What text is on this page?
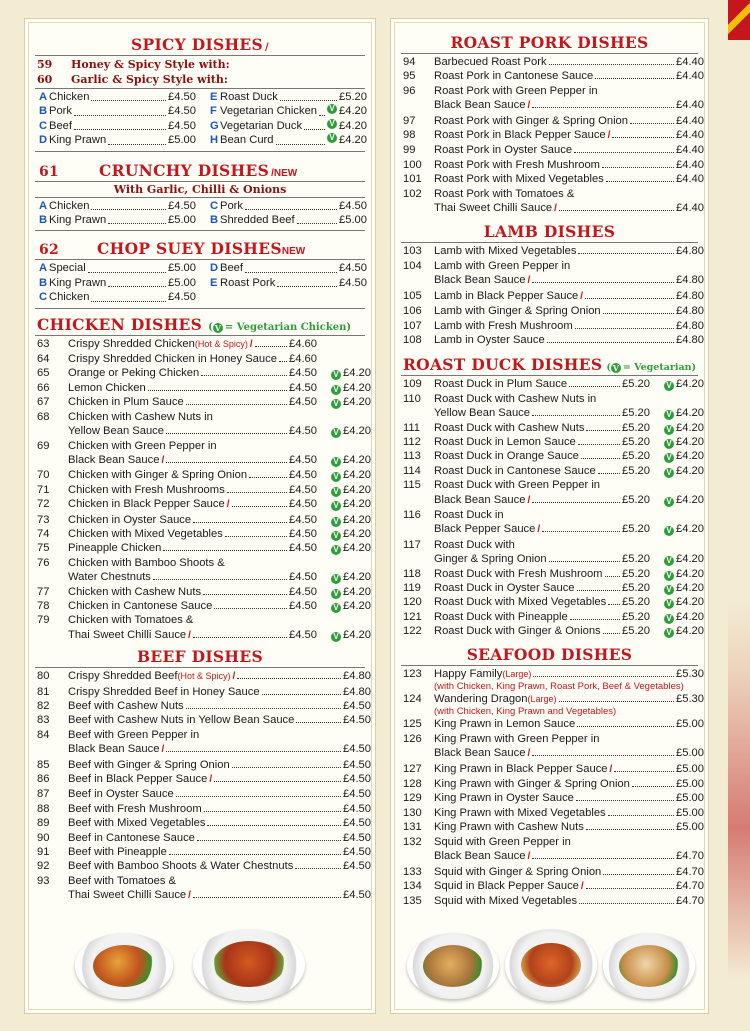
SPICY DISHES /
59 Honey & Spicy Style with:
60 Garlic & Spicy Style with:
A Chicken	£4.50
B Pork	£4.50
C Beef	£4.50
D King Prawn	£5.00
E Roast Duck	£5.20
F Vegetarian Chicken V £4.20
G Vegetarian Duck	V £4.20
H Bean Curd	V £4.20
61	CRUNCHY DISHES / NEW
With Garlic, Chilli & Onions
A Chicken	£4.50
B King Prawn	£5.00
C Pork	£4.50
B Shredded Beef	£5.00
62	CHOP SUEY DISHES NEW
A Special	£5.00
B King Prawn	£5.00
C Chicken	£4.50
D Beef	£4.50
E Roast Pork	£4.50
CHICKEN DISHES ( V = Vegetarian Chicken)
63	Crispy Shredded Chicken (Hot & Spicy) /	£4.60
64	Crispy Shredded Chicken in Honey Sauce £4.60
65	Orange or Peking Chicken	£4.50	V £4.20
66	Lemon Chicken	£4.50	V £4.20
67	Chicken in Plum Sauce	£4.50	V £4.20
68	Chicken with Cashew Nuts in
Yellow Bean Sauce	£4.50	V £4.20
69	Chicken with Green Pepper in
Black Bean Sauce /	£4.50	V £4.20
70	Chicken with Ginger & Spring Onion	£4.50	V £4.20
71	Chicken with Fresh Mushrooms	£4.50	V £4.20
72	Chicken in Black Pepper Sauce /	£4.50	V £4.20
73	Chicken in Oyster Sauce	£4.50	V £4.20
74	Chicken with Mixed Vegetables	£4.50	V £4.20
75	Pineapple Chicken	£4.50	V £4.20
76	Chicken with Bamboo Shoots &
Water Chestnuts	£4.50	V £4.20
77	Chicken with Cashew Nuts	£4.50	V £4.20
78	Chicken in Cantonese Sauce	£4.50	V £4.20
79	Chicken with Tomatoes &
Thai Sweet Chilli Sauce /	£4.50	V £4.20
BEEF DISHES
80	Crispy Shredded Beef (Hot & Spicy) /	£4.80
81	Crispy Shredded Beef in Honey Sauce	£4.80
82	Beef with Cashew Nuts	£4.50
83	Beef with Cashew Nuts in Yellow Bean Sauce	£4.50
84	Beef with Green Pepper in
Black Bean Sauce /	£4.50
85	Beef with Ginger & Spring Onion	£4.50
86	Beef in Black Pepper Sauce /	£4.50
87	Beef in Oyster Sauce	£4.50
88	Beef with Fresh Mushroom	£4.50
89	Beef with Mixed Vegetables	£4.50
90	Beef in Cantonese Sauce	£4.50
91	Beef with Pineapple	£4.50
92	Beef with Bamboo Shoots & Water Chestnuts	£4.50
93	Beef with Tomatoes &
Thai Sweet Chilli Sauce /	£4.50
ROAST PORK DISHES
94	Barbecued Roast Pork	£4.40
95	Roast Pork in Cantonese Sauce	£4.40
96	Roast Pork with Green Pepper in
Black Bean Sauce /	£4.40
97	Roast Pork with Ginger & Spring Onion	£4.40
98	Roast Pork in Black Pepper Sauce /	£4.40
99	Roast Pork in Oyster Sauce	£4.40
100	Roast Pork with Fresh Mushroom	£4.40
101	Roast Pork with Mixed Vegetables	£4.40
102	Roast Pork with Tomatoes &
Thai Sweet Chilli Sauce /	£4.40
LAMB DISHES
103	Lamb with Mixed Vegetables	£4.80
104	Lamb with Green Pepper in
Black Bean Sauce /	£4.80
105	Lamb in Black Pepper Sauce /	£4.80
106	Lamb with Ginger & Spring Onion	£4.80
107	Lamb with Fresh Mushroom	£4.80
108	Lamb in Oyster Sauce	£4.80
ROAST DUCK DISHES ( V = Vegetarian)
109	Roast Duck in Plum Sauce	£5.20	V £4.20
110	Roast Duck with Cashew Nuts in
Yellow Bean Sauce	£5.20	V £4.20
111	Roast Duck with Cashew Nuts	£5.20	V £4.20
112	Roast Duck in Lemon Sauce	£5.20	V £4.20
113	Roast Duck in Orange Sauce	£5.20	V £4.20
114	Roast Duck in Cantonese Sauce £5.20	V £4.20
115	Roast Duck with Green Pepper in
Black Bean Sauce /	£5.20	V £4.20
116	Roast Duck in
Black Pepper Sauce /	£5.20	V £4.20
117	Roast Duck with
Ginger & Spring Onion	£5.20	V £4.20
118	Roast Duck with Fresh Mushroom £5.20	V £4.20
119	Roast Duck in Oyster Sauce	£5.20	V £4.20
120	Roast Duck with Mixed Vegetables £5.20	V £4.20
121	Roast Duck with Pineapple	£5.20	V £4.20
122	Roast Duck with Ginger & Onions £5.20	V £4.20
SEAFOOD DISHES
123	Happy Family (Large)	£5.30
(with Chicken, King Prawn, Roast Pork, Beef & Vegetables)
124	Wandering Dragon (Large)	£5.30
(with Chicken, King Prawn and Vegetables)
125	King Prawn in Lemon Sauce	£5.00
126	King Prawn with Green Pepper in
Black Bean Sauce /	£5.00
127	King Prawn in Black Pepper Sauce /	£5.00
128	King Prawn with Ginger & Spring Onion	£5.00
129	King Prawn in Oyster Sauce	£5.00
130	King Prawn with Mixed Vegetables	£5.00
131	King Prawn with Cashew Nuts	£5.00
132	Squid with Green Pepper in
Black Bean Sauce /	£4.70
133	Squid with Ginger & Spring Onion	£4.70
134	Squid in Black Pepper Sauce /	£4.70
135	Squid with Mixed Vegetables	£4.70
